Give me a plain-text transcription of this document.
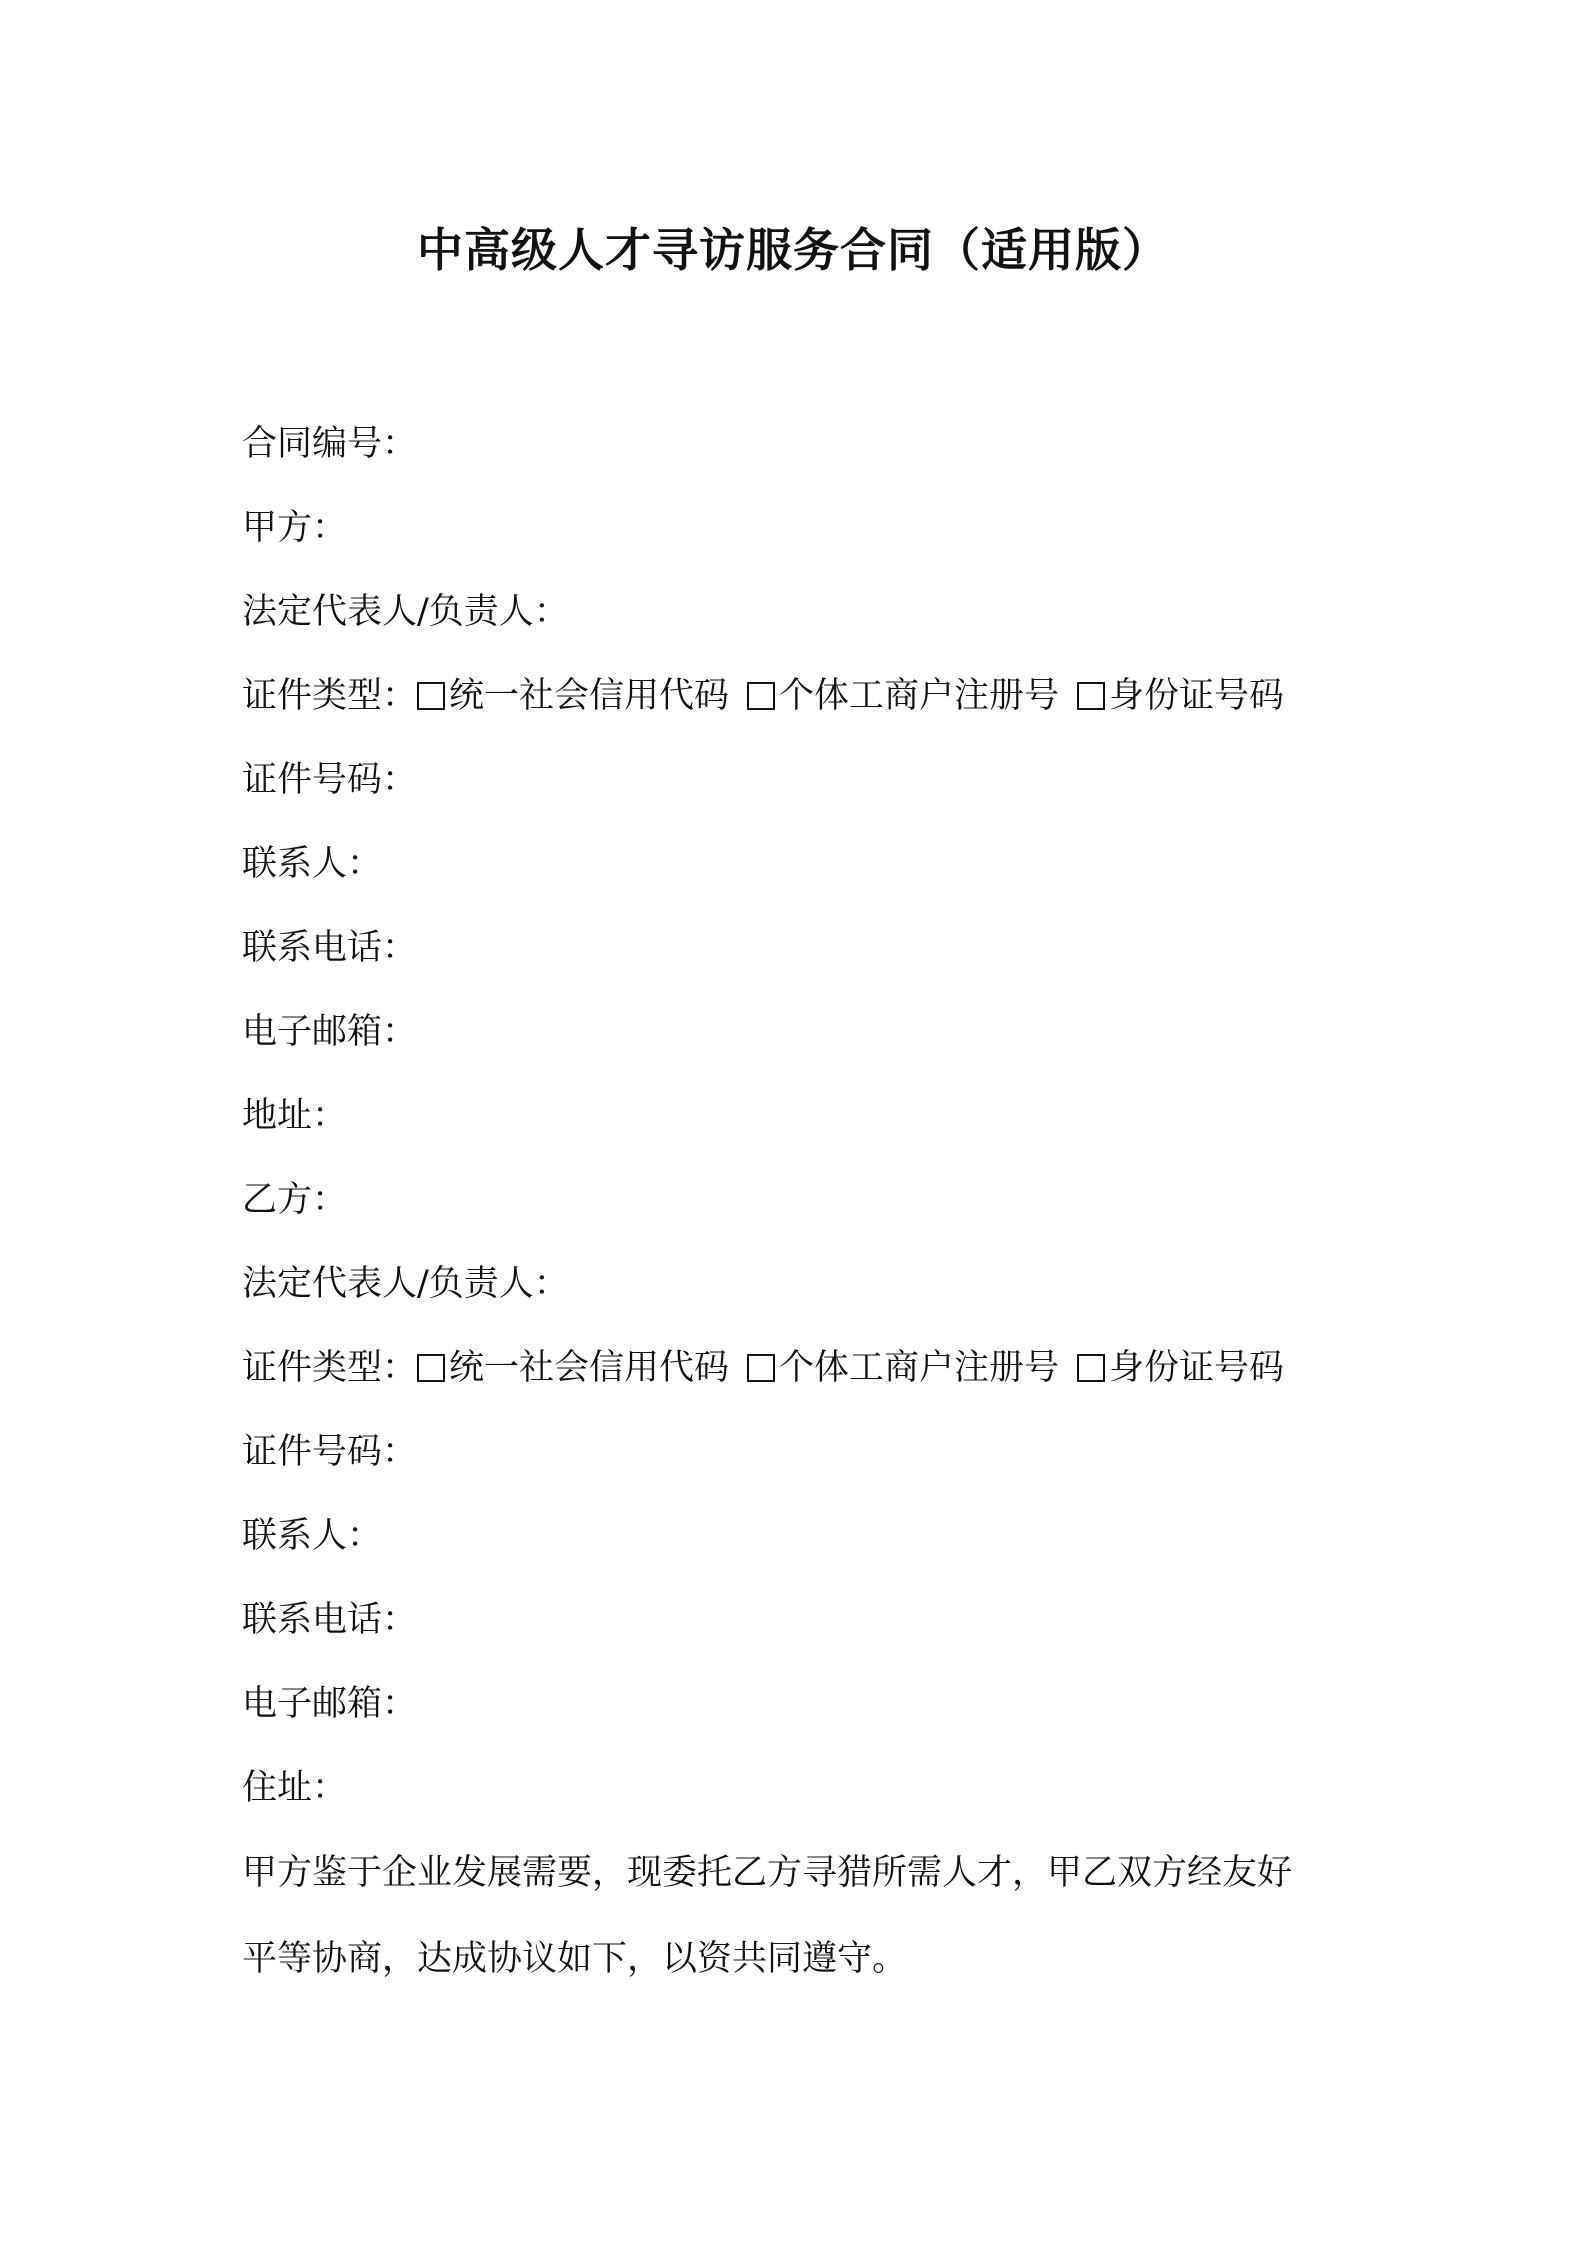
中高级人才寻访服务合同（适用版）
合同编号：
甲方：
法定代表人/负责人：
证件类型： 统一社会信用代码 个体工商户注册号 身份证号码
证件号码：
联系人：
联系电话：
电子邮箱：
地址：
乙方：
法定代表人/负责人：
证件类型： 统一社会信用代码 个体工商户注册号 身份证号码
证件号码：
联系人：
联系电话：
电子邮箱：
住址：
甲方鉴于企业发展需要，现委托乙方寻猎所需人才，甲乙双方经友好
平等协商，达成协议如下，以资共同遵守。
